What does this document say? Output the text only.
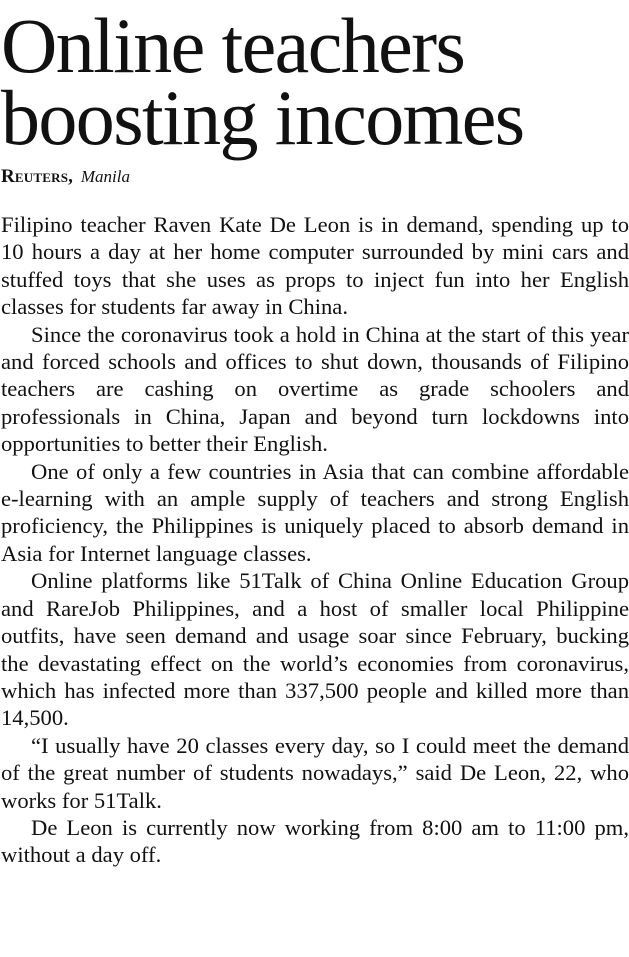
Online teachers boosting incomes
Reuters, Manila

Filipino teacher Raven Kate De Leon is in demand, spending up to 10 hours a day at her home computer surrounded by mini cars and stuffed toys that she uses as props to inject fun into her English classes for students far away in China.

Since the coronavirus took a hold in China at the start of this year and forced schools and offices to shut down, thousands of Filipino teachers are cashing on overtime as grade schoolers and professionals in China, Japan and beyond turn lockdowns into opportunities to better their English.

One of only a few countries in Asia that can combine affordable e-learning with an ample supply of teachers and strong English proficiency, the Philippines is uniquely placed to absorb demand in Asia for Internet language classes.

Online platforms like 51Talk of China Online Education Group and RareJob Philippines, and a host of smaller local Philippine outfits, have seen demand and usage soar since February, bucking the devastating effect on the world’s economies from coronavirus, which has infected more than 337,500 people and killed more than 14,500.

“I usually have 20 classes every day, so I could meet the demand of the great number of students nowadays,” said De Leon, 22, who works for 51Talk.

De Leon is currently now working from 8:00 am to 11:00 pm, without a day off.
